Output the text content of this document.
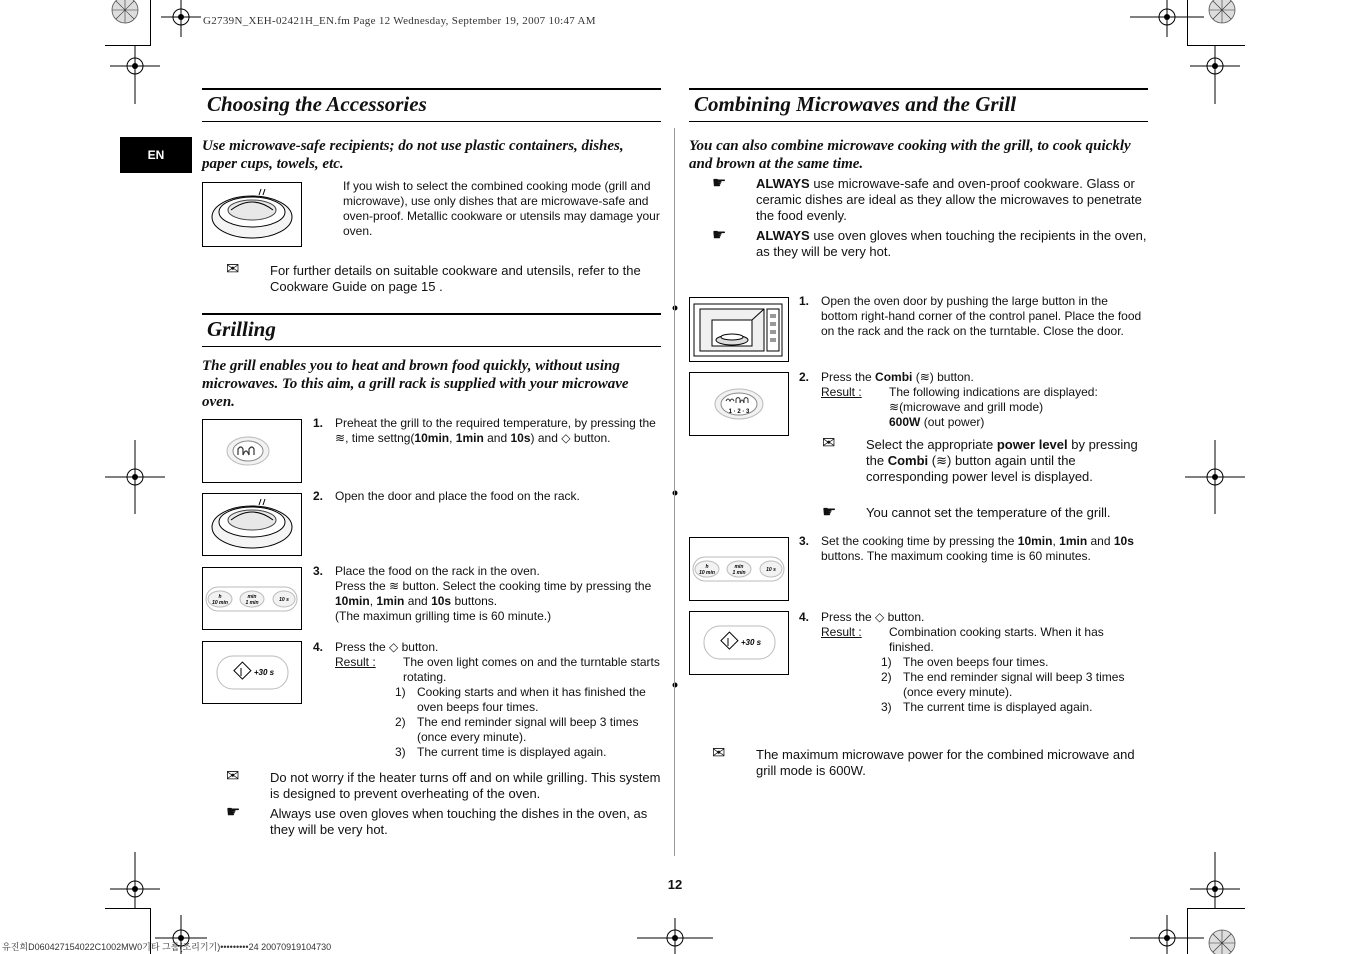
G2739N_XEH-02421H_EN.fm Page 12 Wednesday, September 19, 2007 10:47 AM
유진희D060427154022C1002MW0기타 그룹(조리기기)•••••••••24 20070919104730
EN
Choosing the Accessories
Use microwave-safe recipients; do not use plastic containers, dishes, paper cups, towels, etc.
If you wish to select the combined cooking mode (grill and microwave), use only dishes that are microwave-safe and oven-proof. Metallic cookware or utensils may damage your oven.
✉ For further details on suitable cookware and utensils, refer to the Cookware Guide on page 15 .
Grilling
The grill enables you to heat and brown food quickly, without using microwaves. To this aim, a grill rack is supplied with your microwave oven.
1. Preheat the grill to the required temperature, by pressing the ≋, time settng(10min, 1min and 10s) and ◇ button.
2. Open the door and place the food on the rack.
h
10 min
min
1 min	10 s
3. Place the food on the rack in the oven.
Press the ≋ button. Select the cooking time by pressing the 10min, 1min and 10s buttons.
(The maximun grilling time is 60 minute.)
+30 s
4. Press the ◇ button.
Result : The oven light comes on and the turntable starts rotating.
1) Cooking starts and when it has finished the oven beeps four times.
2) The end reminder signal will beep 3 times (once every minute).
3) The current time is displayed again.
✉ Do not worry if the heater turns off and on while grilling. This system is designed to prevent overheating of the oven.
☛ Always use oven gloves when touching the dishes in the oven, as they will be very hot.
Combining Microwaves and the Grill
You can also combine microwave cooking with the grill, to cook quickly and brown at the same time.
☛ ALWAYS use microwave-safe and oven-proof cookware. Glass or ceramic dishes are ideal as they allow the microwaves to penetrate the food evenly.
☛ ALWAYS use oven gloves when touching the recipients in the oven, as they will be very hot.
1. Open the oven door by pushing the large button in the bottom right-hand corner of the control panel. Place the food on the rack and the rack on the turntable. Close the door.
1 · 2 · 3
2. Press the Combi (≋) button.
Result : The following indications are displayed:
≋(microwave and grill mode)
600W (out power)
✉ Select the appropriate power level by pressing the Combi (≋) button again until the corresponding power level is displayed.
☛ You cannot set the temperature of the grill.
h
10 min
min
1 min	10 s
3. Set the cooking time by pressing the 10min, 1min and 10s buttons. The maximum cooking time is 60 minutes.
+30 s
4. Press the ◇ button.
Result : Combination cooking starts. When it has finished.
1) The oven beeps four times.
2) The end reminder signal will beep 3 times (once every minute).
3) The current time is displayed again.
✉ The maximum microwave power for the combined microwave and grill mode is 600W.
12
